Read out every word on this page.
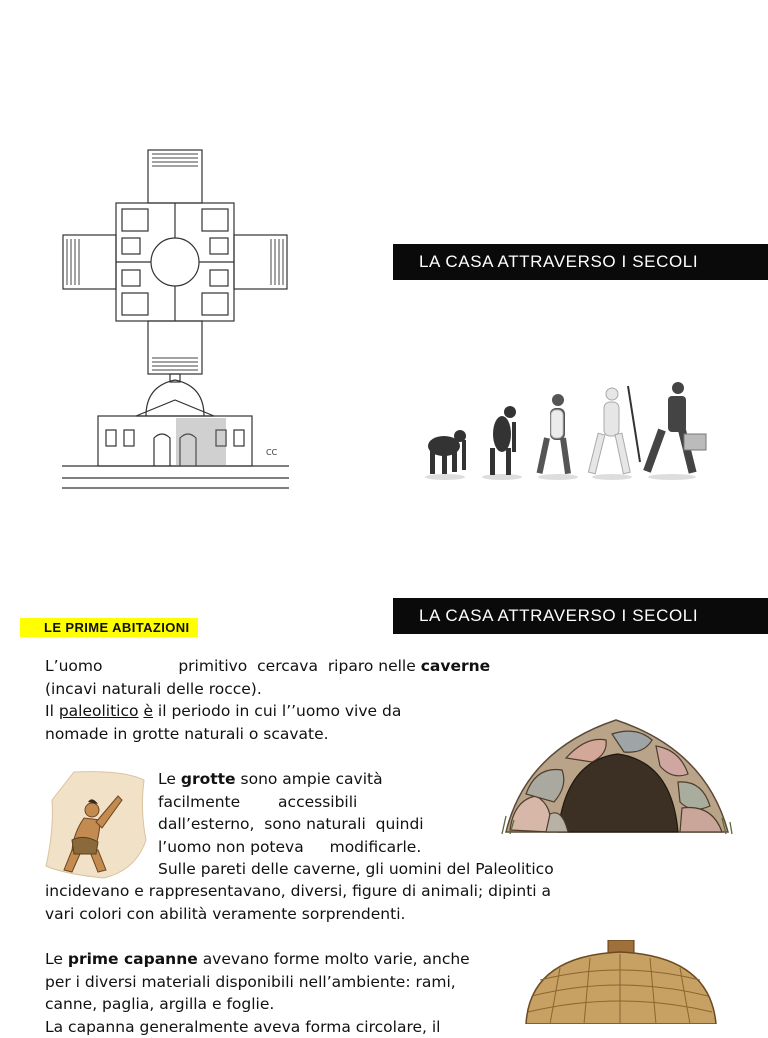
CC
LA CASA ATTRAVERSO I SECOLI
LA CASA ATTRAVERSO I SECOLI
LE PRIME ABITAZIONI
L’uomo	primitivo cercava riparo nelle caverne
(incavi naturali delle rocce).
Il paleolitico è il periodo in cui l’’uomo vive da
nomade in grotte naturali o scavate.
Le grotte sono ampie cavità
facilmente accessibili
dall’esterno, sono naturali quindi
l’uomo non poteva modificarle.
Sulle pareti delle caverne, gli uomini del Paleolitico
incidevano e rappresentavano, diversi, figure di animali; dipinti a
vari colori con abilità veramente sorprendenti.
Le prime capanne avevano forme molto varie, anche
per i diversi materiali disponibili nell’ambiente: rami,
canne, paglia, argilla e foglie.
La capanna generalmente aveva forma circolare, il
